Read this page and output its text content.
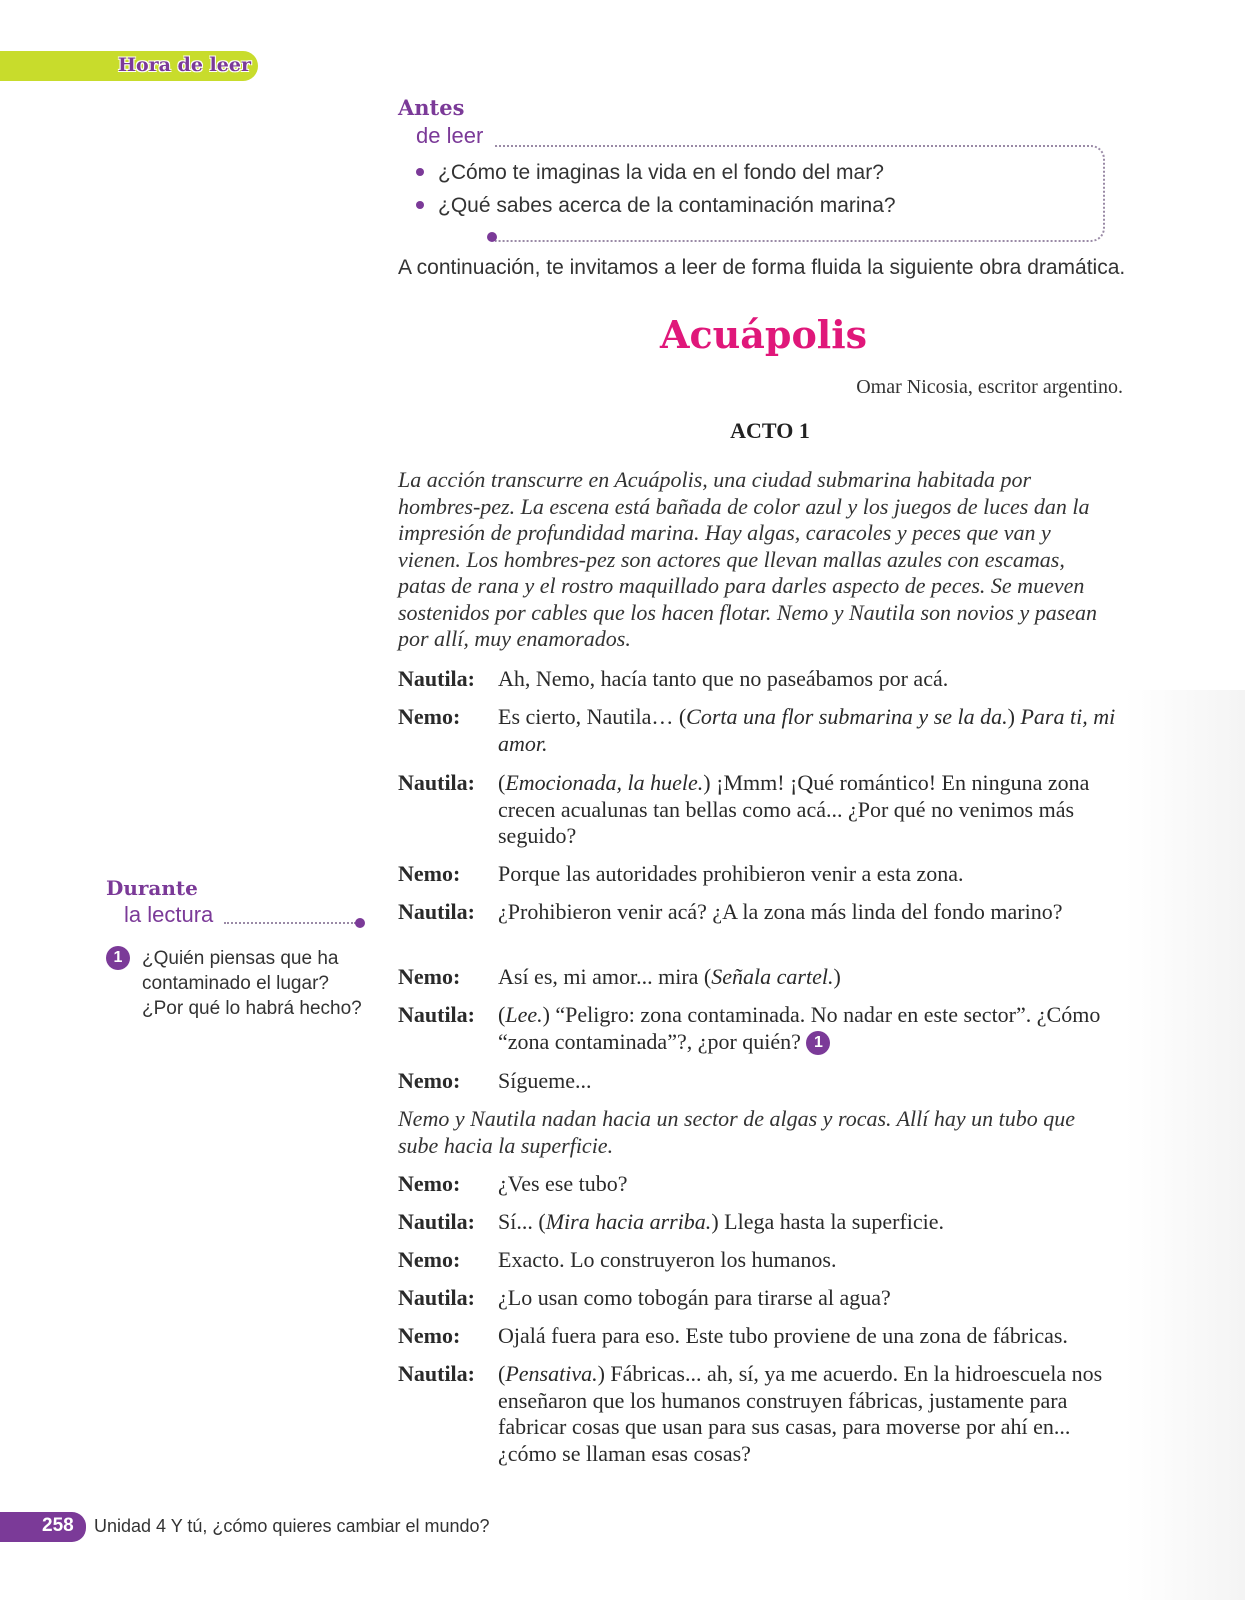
Hora de leer
Antes
de leer
¿Cómo te imaginas la vida en el fondo del mar?
¿Qué sabes acerca de la contaminación marina?
A continuación, te invitamos a leer de forma fluida la siguiente obra dramática.
Acuápolis
Omar Nicosia, escritor argentino.
ACTO 1

La acción transcurre en Acuápolis, una ciudad submarina habitada por hombres-pez. La escena está bañada de color azul y los juegos de luces dan la impresión de profundidad marina. Hay algas, caracoles y peces que van y vienen. Los hombres-pez son actores que llevan mallas azules con escamas, patas de rana y el rostro maquillado para darles aspecto de peces. Se mueven sostenidos por cables que los hacen flotar. Nemo y Nautila son novios y pasean por allí, muy enamorados.

Nautila: Ah, Nemo, hacía tanto que no paseábamos por acá.
Nemo: Es cierto, Nautila… (Corta una flor submarina y se la da.) Para ti, mi amor.
Nautila: (Emocionada, la huele.) ¡Mmm! ¡Qué romántico! En ninguna zona crecen acualunas tan bellas como acá... ¿Por qué no venimos más seguido?
Nemo: Porque las autoridades prohibieron venir a esta zona.
Nautila: ¿Prohibieron venir acá? ¿A la zona más linda del fondo marino?
Nemo: Así es, mi amor... mira (Señala cartel.)
Nautila: (Lee.) “Peligro: zona contaminada. No nadar en este sector”. ¿Cómo “zona contaminada”?, ¿por quién? 1
Nemo: Sígueme...

Nemo y Nautila nadan hacia un sector de algas y rocas. Allí hay un tubo que sube hacia la superficie.

Nemo: ¿Ves ese tubo?
Nautila: Sí... (Mira hacia arriba.) Llega hasta la superficie.
Nemo: Exacto. Lo construyeron los humanos.
Nautila: ¿Lo usan como tobogán para tirarse al agua?
Nemo: Ojalá fuera para eso. Este tubo proviene de una zona de fábricas.
Nautila: (Pensativa.) Fábricas... ah, sí, ya me acuerdo. En la hidroescuela nos enseñaron que los humanos construyen fábricas, justamente para fabricar cosas que usan para sus casas, para moverse por ahí en... ¿cómo se llaman esas cosas?
Durante
la lectura
1	¿Quién piensas que ha contaminado el lugar? ¿Por qué lo habrá hecho?
258 Unidad 4 Y tú, ¿cómo quieres cambiar el mundo?
